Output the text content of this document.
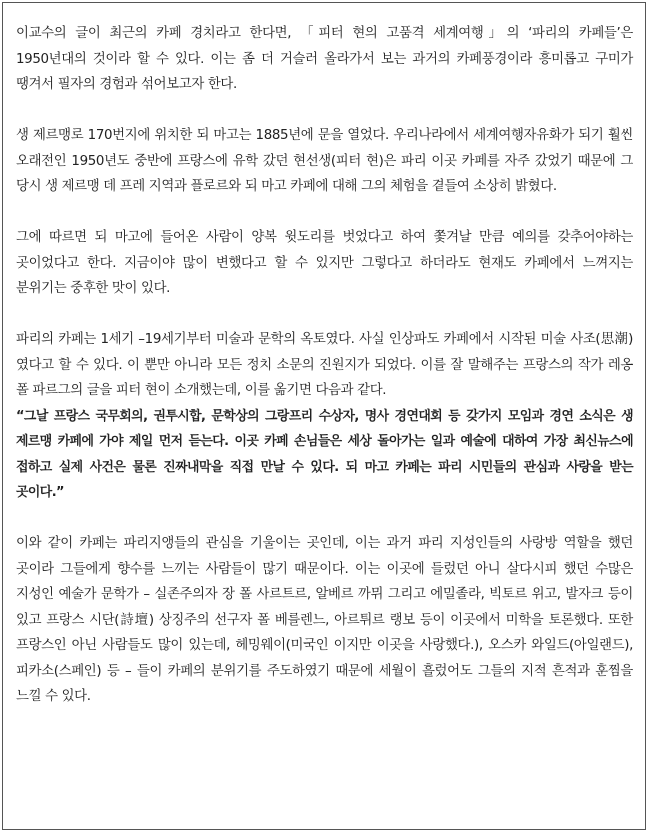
이교수의 글이 최근의 카페 경치라고 한다면, 「피터 현의 고품격 세계여행」의 ‘파리의 카페들’은 1950년대의 것이라 할 수 있다. 이는 좀 더 거슬러 올라가서 보는 과거의 카페풍경이라 흥미롭고 구미가 땡겨서 필자의 경험과 섞어보고자 한다.

생 제르맹로 170번지에 위치한 되 마고는 1885년에 문을 열었다. 우리나라에서 세계여행자유화가 되기 훨씬 오래전인 1950년도 중반에 프랑스에 유학 갔던 현선생(피터 현)은 파리 이곳 카페를 자주 갔었기 때문에 그 당시 생 제르맹 데 프레 지역과 플로르와 되 마고 카페에 대해 그의 체험을 곁들여 소상히 밝혔다.

그에 따르면 되 마고에 들어온 사람이 양복 윗도리를 벗었다고 하여 쫓겨날 만큼 예의를 갖추어야하는 곳이었다고 한다. 지금이야 많이 변했다고 할 수 있지만 그렇다고 하더라도 현재도 카페에서 느껴지는 분위기는 중후한 맛이 있다.

파리의 카페는 1세기 –19세기부터 미술과 문학의 옥토였다. 사실 인상파도 카페에서 시작된 미술 사조(思潮)였다고 할 수 있다. 이 뿐만 아니라 모든 정치 소문의 진원지가 되었다. 이를 잘 말해주는 프랑스의 작가 레옹 폴 파르그의 글을 피터 현이 소개했는데, 이를 옮기면 다음과 같다.

“그날 프랑스 국무회의, 권투시합, 문학상의 그랑프리 수상자, 명사 경연대회 등 갖가지 모임과 경연 소식은 생 제르맹 카페에 가야 제일 먼저 듣는다. 이곳 카페 손님들은 세상 돌아가는 일과 예술에 대하여 가장 최신뉴스에 접하고 실제 사건은 물론 진짜내막을 직접 만날 수 있다. 되 마고 카페는 파리 시민들의 관심과 사랑을 받는 곳이다.”

이와 같이 카페는 파리지앵들의 관심을 기울이는 곳인데, 이는 과거 파리 지성인들의 사랑방 역할을 했던 곳이라 그들에게 향수를 느끼는 사람들이 많기 때문이다. 이는 이곳에 들렀던 아니 살다시피 했던 수많은 지성인 예술가 문학가 – 실존주의자 장 폴 사르트르, 알베르 까뮈 그리고 에밀졸라, 빅토르 위고, 발자크 등이 있고 프랑스 시단(詩壇) 상징주의 선구자 폴 베를렌느, 아르튀르 랭보 등이 이곳에서 미학을 토론했다. 또한 프랑스인 아닌 사람들도 많이 있는데, 헤밍웨이(미국인 이지만 이곳을 사랑했다.), 오스카 와일드(아일랜드), 피카소(스페인) 등 – 들이 카페의 분위기를 주도하였기 때문에 세월이 흘렀어도 그들의 지적 흔적과 훈찜을 느낄 수 있다.
